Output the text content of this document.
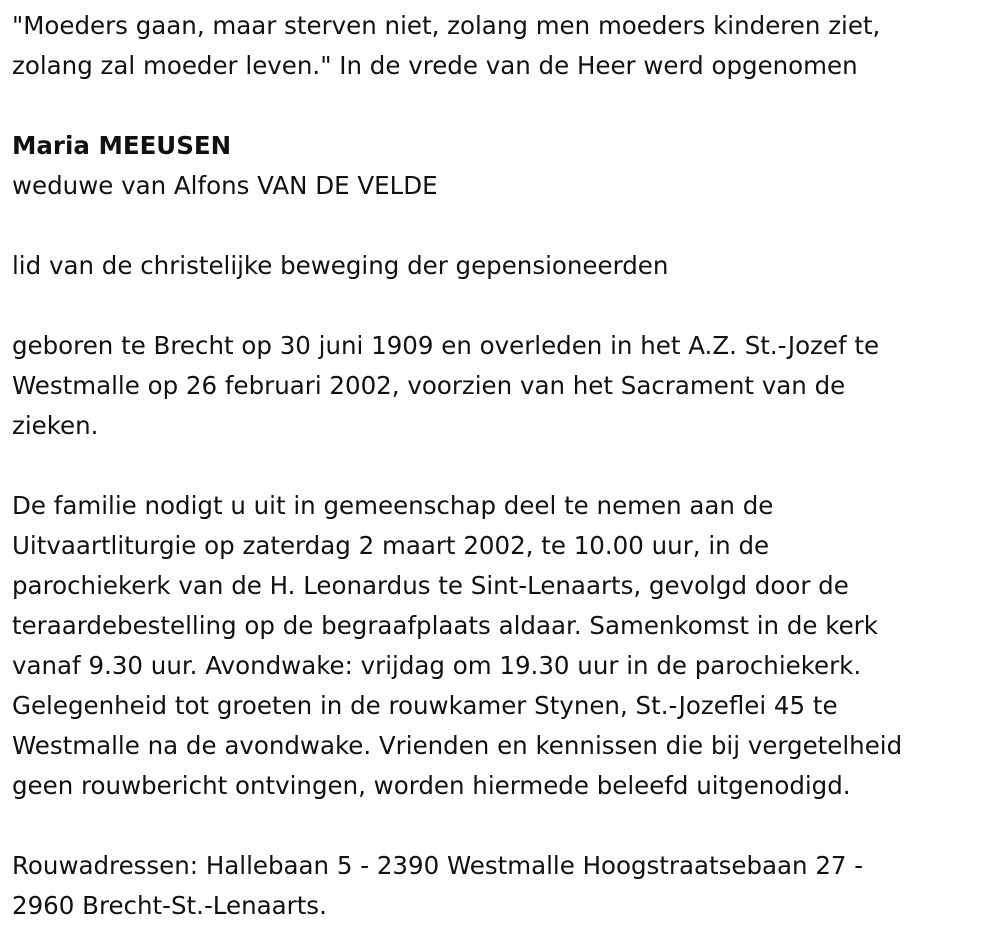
"Moeders gaan, maar sterven niet, zolang men moeders kinderen ziet,
zolang zal moeder leven." In de vrede van de Heer werd opgenomen
Maria MEEUSEN
weduwe van Alfons VAN DE VELDE
lid van de christelijke beweging der gepensioneerden
geboren te Brecht op 30 juni 1909 en overleden in het A.Z. St.-Jozef te
Westmalle op 26 februari 2002, voorzien van het Sacrament van de
zieken.
De familie nodigt u uit in gemeenschap deel te nemen aan de
Uitvaartliturgie op zaterdag 2 maart 2002, te 10.00 uur, in de
parochiekerk van de H. Leonardus te Sint-Lenaarts, gevolgd door de
teraardebestelling op de begraafplaats aldaar. Samenkomst in de kerk
vanaf 9.30 uur. Avondwake: vrijdag om 19.30 uur in de parochiekerk.
Gelegenheid tot groeten in de rouwkamer Stynen, St.-Jozeflei 45 te
Westmalle na de avondwake. Vrienden en kennissen die bij vergetelheid
geen rouwbericht ontvingen, worden hiermede beleefd uitgenodigd.
Rouwadressen: Hallebaan 5 - 2390 Westmalle Hoogstraatsebaan 27 -
2960 Brecht-St.-Lenaarts.
